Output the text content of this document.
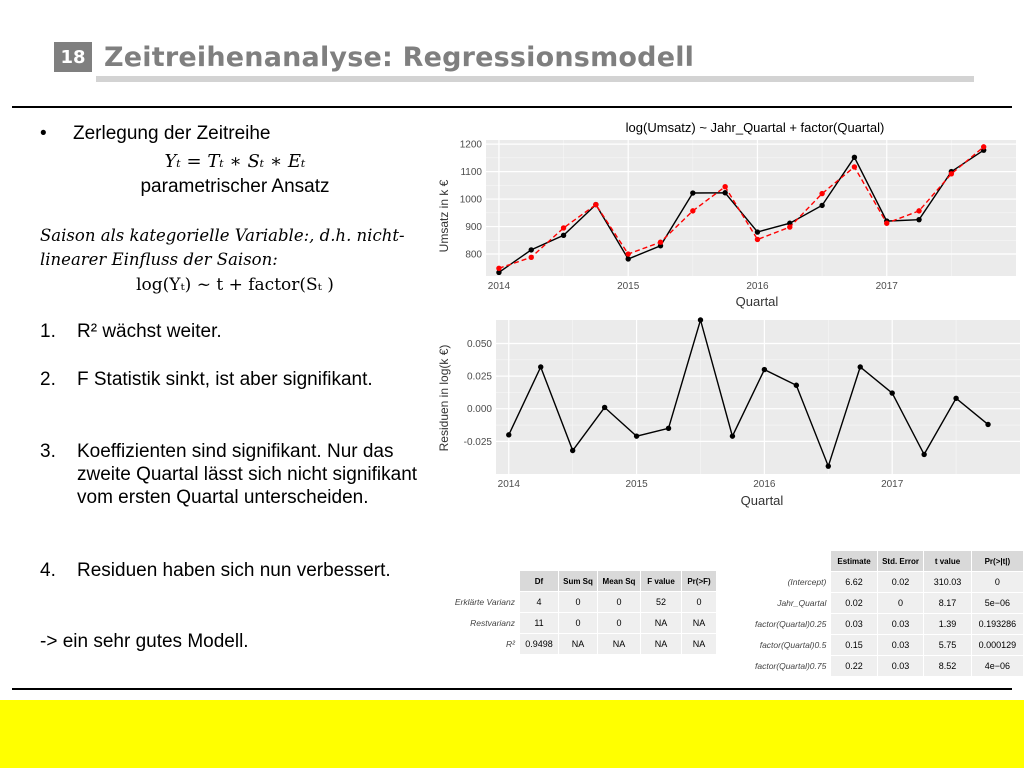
18 Zeitreihenanalyse: Regressionsmodell
• Zerlegung der Zeitreihe
Yₜ = Tₜ ∗ Sₜ ∗ Eₜ
parametrischer Ansatz
Saison als kategorielle Variable:, d.h. nicht-linearer Einfluss der Saison:
log(Yₜ) ~ t + factor(Sₜ )
1. R² wächst weiter.
2. F Statistik sinkt, ist aber signifikant.
3. Koeffizienten sind signifikant. Nur das zweite Quartal lässt sich nicht signifikant vom ersten Quartal unterscheiden.
4. Residuen haben sich nun verbessert.
-> ein sehr gutes Modell.
800
900
1000
1100
1200
2014	2015	2016	2017
log(Umsatz) ~ Jahr_Quartal + factor(Quartal)
Umsatz in k €
Quartal
-0.025
0.000
0.025
0.050
2014	2015	2016	2017
Residuen in log(k €)
Quartal
	Df	Sum Sq	Mean Sq	F value	Pr(>F)
Erklärte Varianz	4	0	0	52	0
Restvarianz	11	0	0	NA	NA
R²	0.9498	NA	NA	NA	NA
	Estimate	Std. Error	t value	Pr(>|t|)
(Intercept)	6.62	0.02	310.03	0
Jahr_Quartal	0.02	0	8.17	5e−06
factor(Quartal)0.25	0.03	0.03	1.39	0.193286
factor(Quartal)0.5	0.15	0.03	5.75	0.000129
factor(Quartal)0.75	0.22	0.03	8.52	4e−06
